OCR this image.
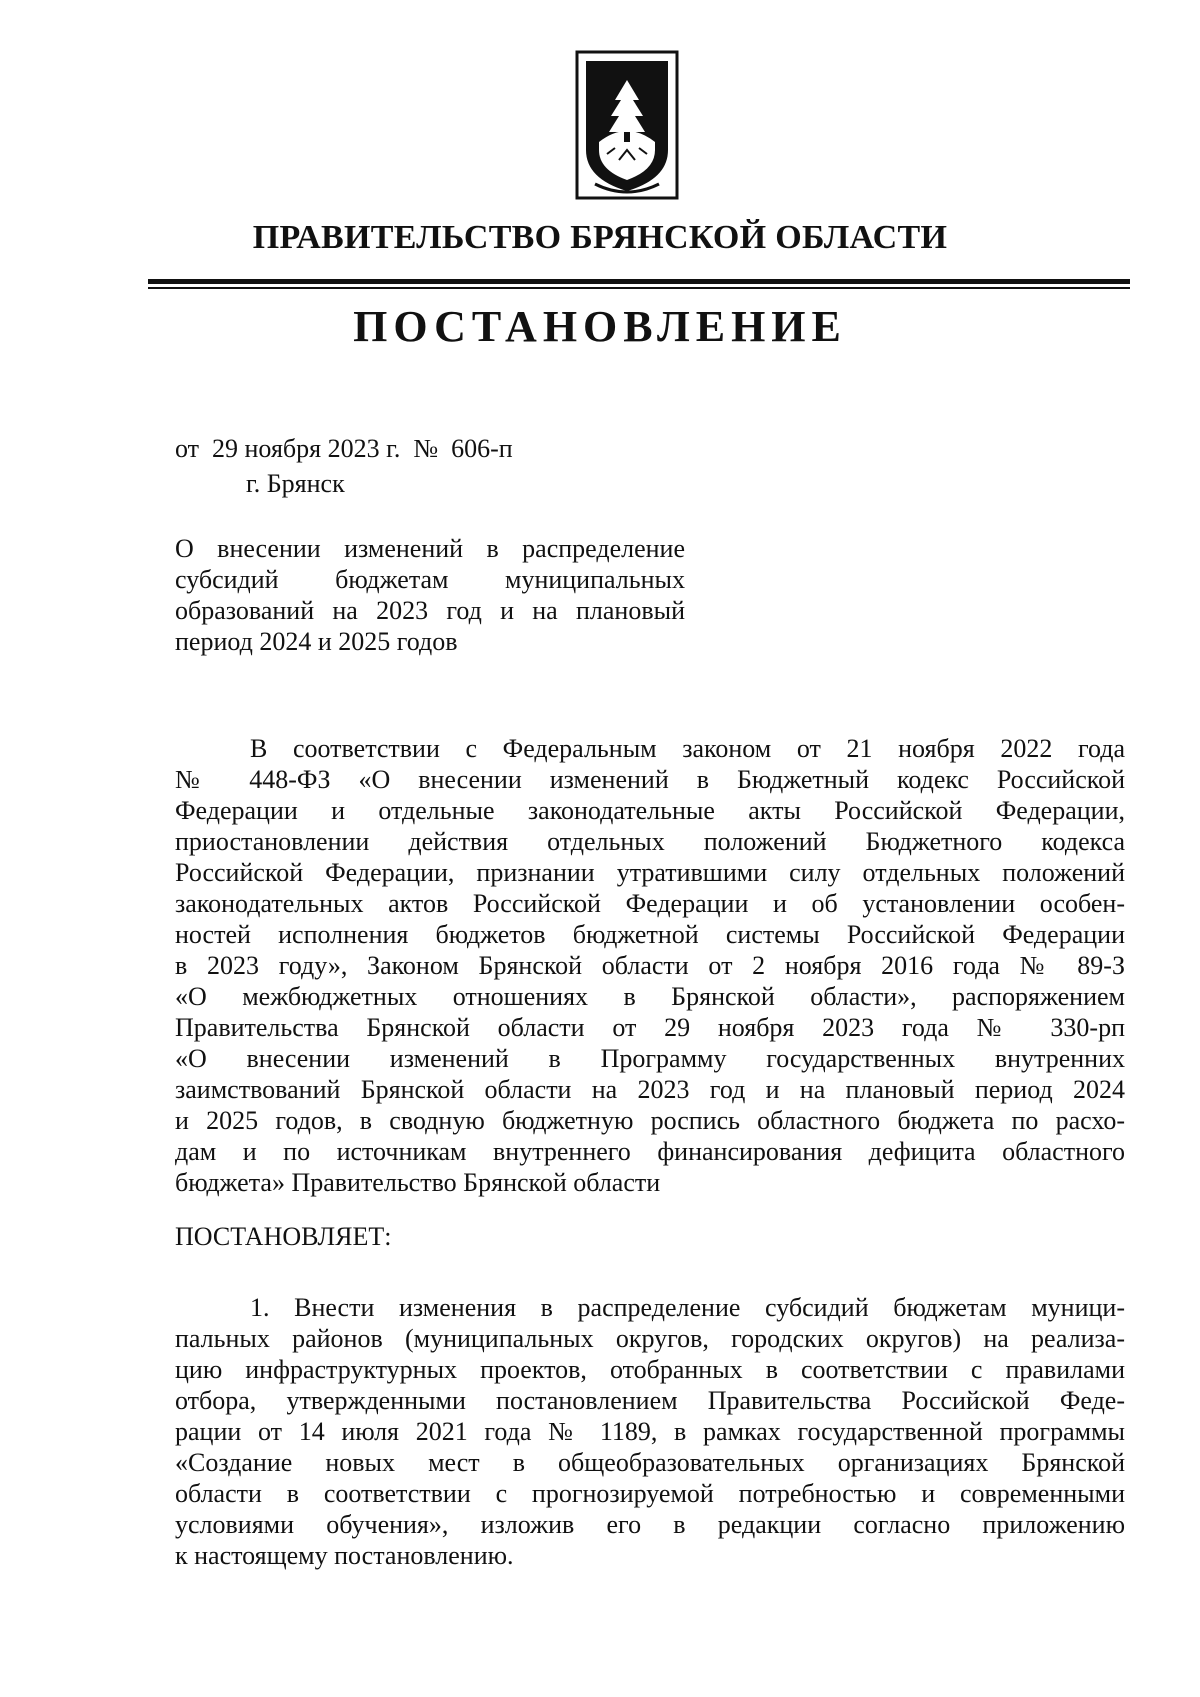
ПРАВИТЕЛЬСТВО БРЯНСКОЙ ОБЛАСТИ
ПОСТАНОВЛЕНИЕ
от  29 ноября 2023 г.  №  606-п
г. Брянск
О внесении изменений в распределение
субсидий бюджетам муниципальных
образований на 2023 год и на плановый
период 2024 и 2025 годов
В соответствии с Федеральным законом от 21 ноября 2022 года
№ 448-ФЗ «О внесении изменений в Бюджетный кодекс Российской
Федерации и отдельные законодательные акты Российской Федерации,
приостановлении действия отдельных положений Бюджетного кодекса
Российской Федерации, признании утратившими силу отдельных положений
законодательных актов Российской Федерации и об установлении особен-
ностей исполнения бюджетов бюджетной системы Российской Федерации
в 2023 году», Законом Брянской области от 2 ноября 2016 года № 89-З
«О межбюджетных отношениях в Брянской области», распоряжением
Правительства Брянской области от 29 ноября 2023 года № 330-рп
«О внесении изменений в Программу государственных внутренних
заимствований Брянской области на 2023 год и на плановый период 2024
и 2025 годов, в сводную бюджетную роспись областного бюджета по расхо-
дам и по источникам внутреннего финансирования дефицита областного
бюджета» Правительство Брянской области
ПОСТАНОВЛЯЕТ:
1. Внести изменения в распределение субсидий бюджетам муници-
пальных районов (муниципальных округов, городских округов) на реализа-
цию инфраструктурных проектов, отобранных в соответствии с правилами
отбора, утвержденными постановлением Правительства Российской Феде-
рации от 14 июля 2021 года № 1189, в рамках государственной программы
«Создание новых мест в общеобразовательных организациях Брянской
области в соответствии с прогнозируемой потребностью и современными
условиями обучения», изложив его в редакции согласно приложению
к настоящему постановлению.
